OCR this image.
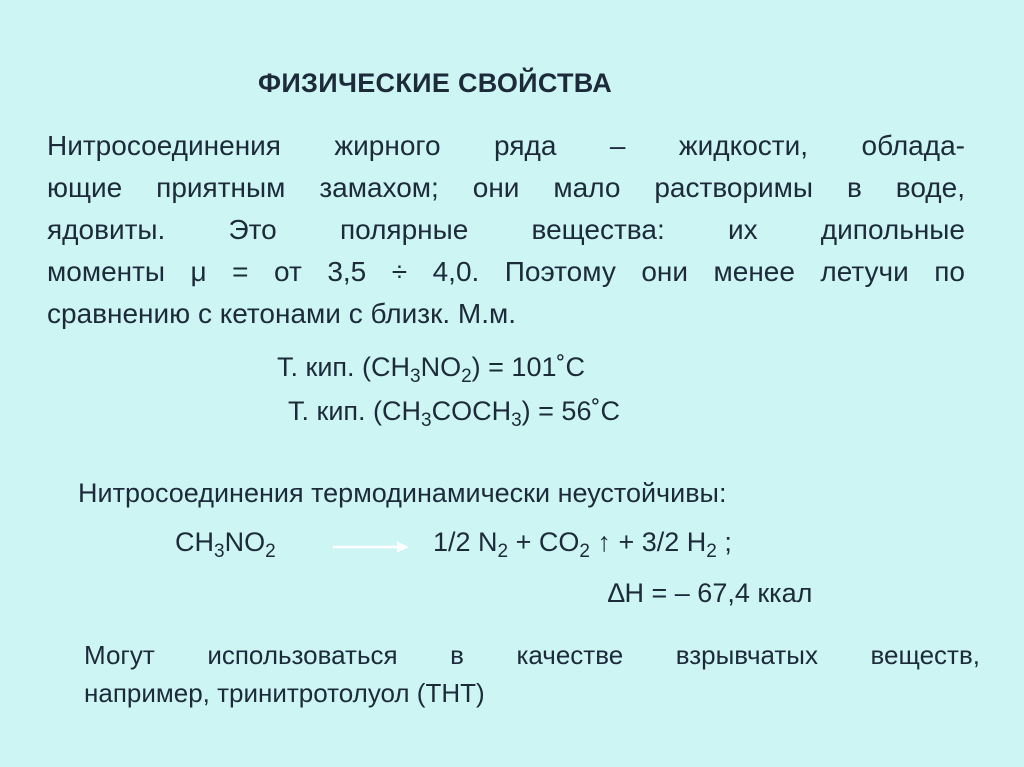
ФИЗИЧЕСКИЕ СВОЙСТВА
Нитросоединения жирного ряда – жидкости, облада-
ющие приятным замахом; они мало растворимы в воде,
ядовиты. Это полярные вещества: их дипольные
моменты μ = от 3,5 ÷ 4,0. Поэтому они менее летучи по
сравнению с кетонами с близк. М.м.
Т. кип. $(CH_3NO_2)$ = 101˚C
Т. кип. $(CH_3COCH_3)$ = 56˚C
Нитросоединения термодинамически неустойчивы:
$CH_3NO_2$	1/2 $N_2 + CO_2$ ↑ + 3/2 $H_2$ ;
∆H = – 67,4 ккал
Могут использоваться в качестве взрывчатых веществ,
например, тринитротолуол (ТНТ)
